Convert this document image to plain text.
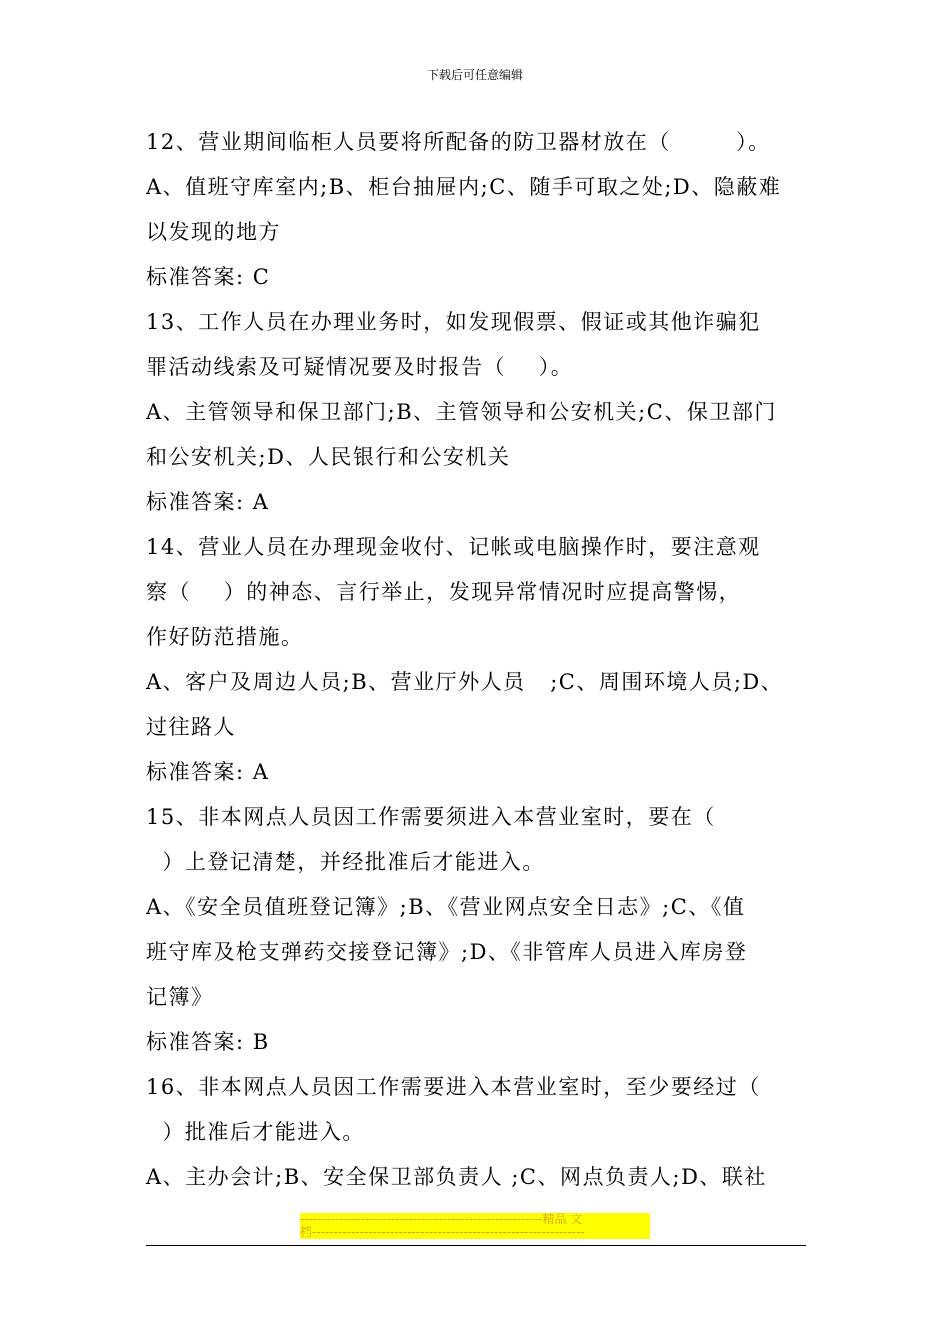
下载后可任意编辑
12、营业期间临柜人员要将所配备的防卫器材放在（        ）。
A、值班守库室内;B、柜台抽屉内;C、随手可取之处;D、隐蔽难
以发现的地方
标准答案: C
13、工作人员在办理业务时，如发现假票、假证或其他诈骗犯
罪活动线索及可疑情况要及时报告（    ）。
A、主管领导和保卫部门;B、主管领导和公安机关;C、保卫部门
和公安机关;D、人民银行和公安机关
标准答案: A
14、营业人员在办理现金收付、记帐或电脑操作时，要注意观
察（    ）的神态、言行举止，发现异常情况时应提高警惕，
作好防范措施。
A、客户及周边人员;B、营业厅外人员   ;C、周围环境人员;D、
过往路人
标准答案: A
15、非本网点人员因工作需要须进入本营业室时，要在（
）上登记清楚，并经批准后才能进入。
A、《安全员值班登记簿》;B、《营业网点安全日志》;C、《值
班守库及枪支弹药交接登记簿》;D、《非管库人员进入库房登
记簿》
标准答案: B
16、非本网点人员因工作需要进入本营业室时，至少要经过（
）批准后才能进入。
A、主办会计;B、安全保卫部负责人 ;C、网点负责人;D、联社
--------------------------------------------------------精品 文
档---------------------------------------------------------------
